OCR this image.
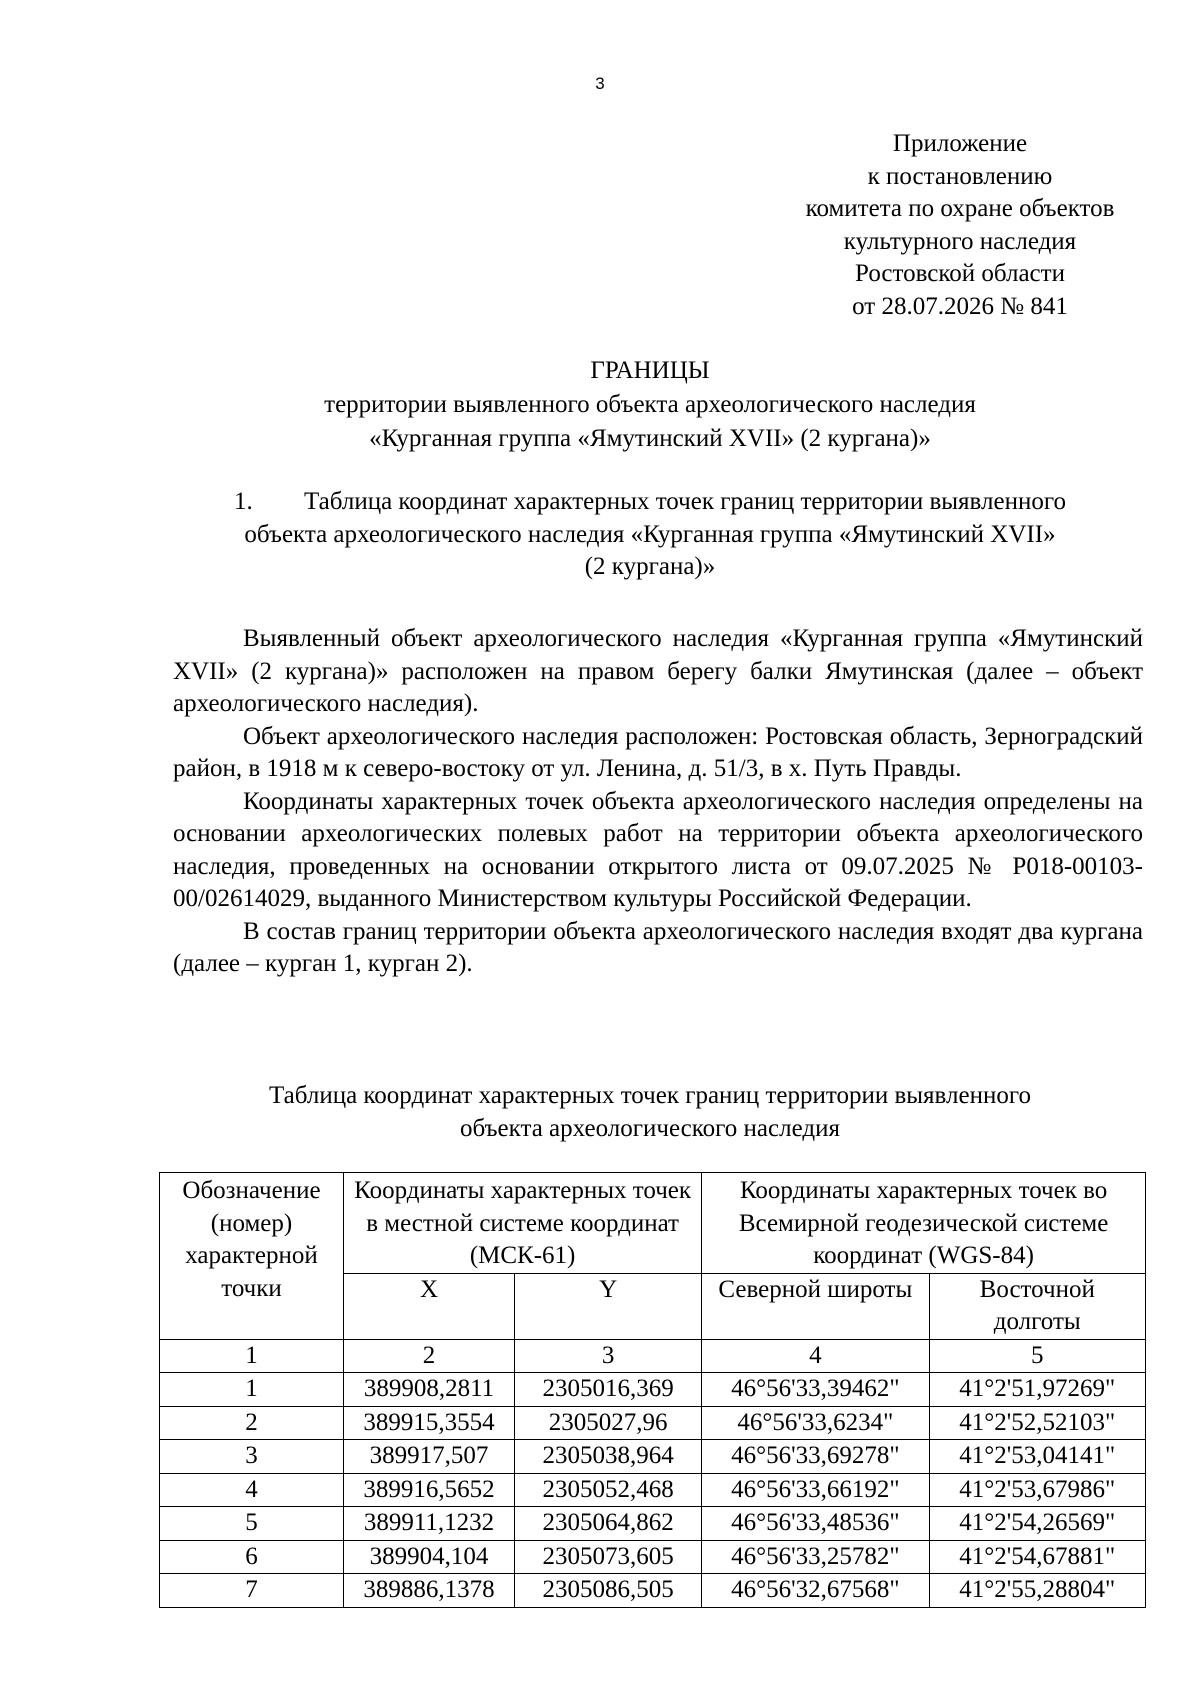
3
Приложение
к постановлению
комитета по охране объектов
культурного наследия
Ростовской области
от 28.07.2026 № 841
ГРАНИЦЫ
территории выявленного объекта археологического наследия
«Курганная группа «Ямутинский XVII» (2 кургана)»
1. Таблица координат характерных точек границ территории выявленного
объекта археологического наследия «Курганная группа «Ямутинский XVII»
(2 кургана)»

Выявленный объект археологического наследия «Курганная группа «Ямутинский XVII» (2 кургана)» расположен на правом берегу балки Ямутинская (далее – объект археологического наследия).

Объект археологического наследия расположен: Ростовская область, Зерноградский район, в 1918 м к северо-востоку от ул. Ленина, д. 51/3, в х. Путь Правды.

Координаты характерных точек объекта археологического наследия определены на основании археологических полевых работ на территории объекта археологического наследия, проведенных на основании открытого листа от 09.07.2025 № Р018-00103-00/02614029, выданного Министерством культуры Российской Федерации.

В состав границ территории объекта археологического наследия входят два кургана (далее – курган 1, курган 2).

Таблица координат характерных точек границ территории выявленного
объекта археологического наследия
Обозначение (номер) характерной точки	Координаты характерных точек в местной системе координат (МСК-61)		Координаты характерных точек во Всемирной геодезической системе координат (WGS-84)	
	X	Y	Северной широты	Восточной долготы
1	2	3	4	5
1	389908,2811	2305016,369	46°56'33,39462"	41°2'51,97269"
2	389915,3554	2305027,96	46°56'33,6234"	41°2'52,52103"
3	389917,507	2305038,964	46°56'33,69278"	41°2'53,04141"
4	389916,5652	2305052,468	46°56'33,66192"	41°2'53,67986"
5	389911,1232	2305064,862	46°56'33,48536"	41°2'54,26569"
6	389904,104	2305073,605	46°56'33,25782"	41°2'54,67881"
7	389886,1378	2305086,505	46°56'32,67568"	41°2'55,28804"
